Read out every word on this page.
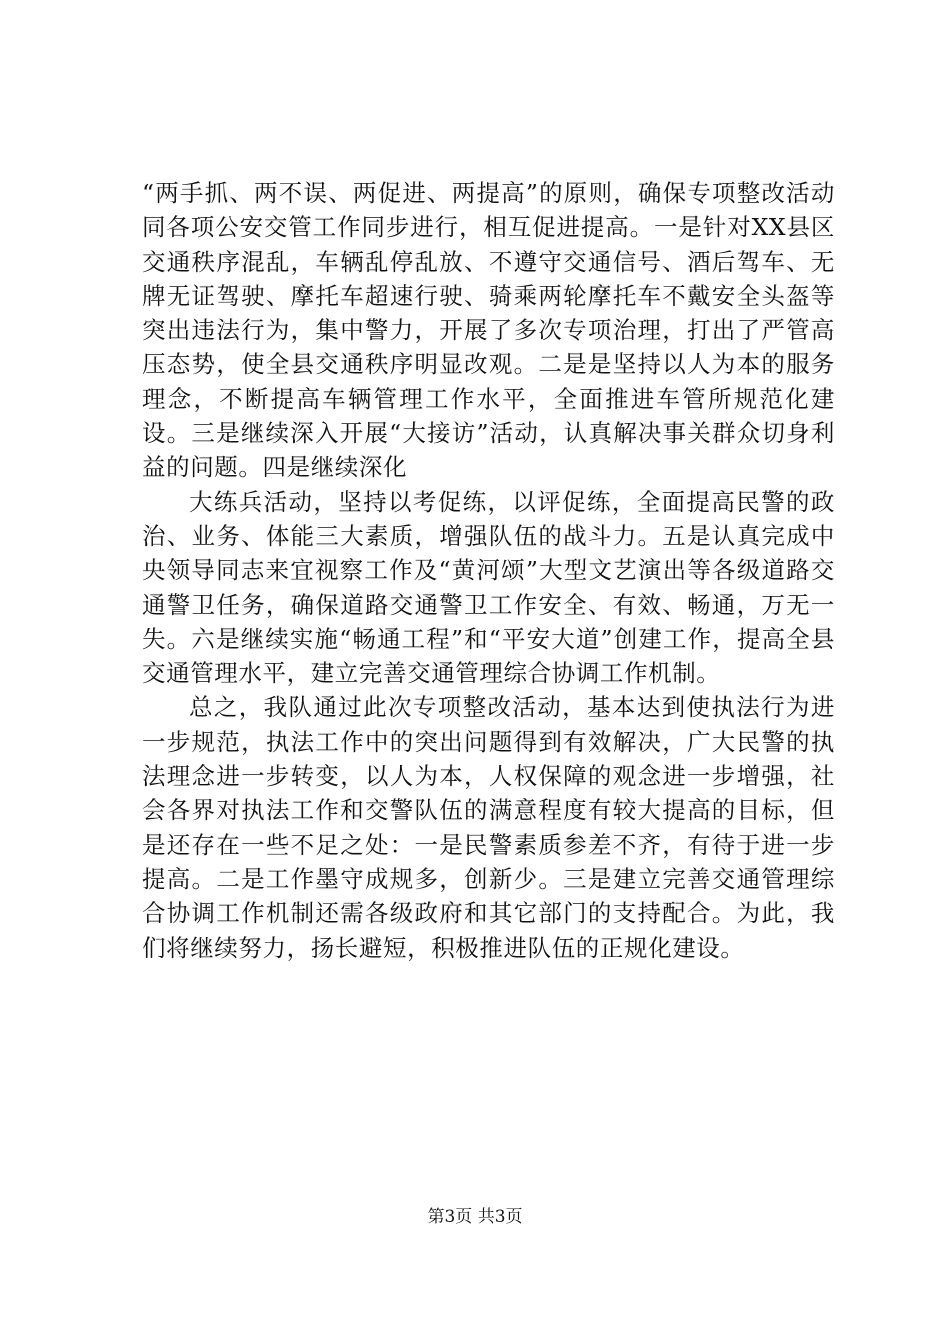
“两手抓、两不误、两促进、两提高”的原则，确保专项整改活动同各项公安交管工作同步进行，相互促进提高。一是针对XX县区交通秩序混乱，车辆乱停乱放、不遵守交通信号、酒后驾车、无牌无证驾驶、摩托车超速行驶、骑乘两轮摩托车不戴安全头盔等突出违法行为，集中警力，开展了多次专项治理，打出了严管高压态势，使全县交通秩序明显改观。二是是坚持以人为本的服务理念，不断提高车辆管理工作水平，全面推进车管所规范化建设。三是继续深入开展“大接访”活动，认真解决事关群众切身利益的问题。四是继续深化

大练兵活动，坚持以考促练，以评促练，全面提高民警的政治、业务、体能三大素质，增强队伍的战斗力。五是认真完成中央领导同志来宜视察工作及“黄河颂”大型文艺演出等各级道路交通警卫任务，确保道路交通警卫工作安全、有效、畅通，万无一失。六是继续实施“畅通工程”和“平安大道”创建工作，提高全县交通管理水平，建立完善交通管理综合协调工作机制。

总之，我队通过此次专项整改活动，基本达到使执法行为进一步规范，执法工作中的突出问题得到有效解决，广大民警的执法理念进一步转变，以人为本，人权保障的观念进一步增强，社会各界对执法工作和交警队伍的满意程度有较大提高的目标，但是还存在一些不足之处：一是民警素质参差不齐，有待于进一步提高。二是工作墨守成规多，创新少。三是建立完善交通管理综合协调工作机制还需各级政府和其它部门的支持配合。为此，我们将继续努力，扬长避短，积极推进队伍的正规化建设。

第3页 共3页
